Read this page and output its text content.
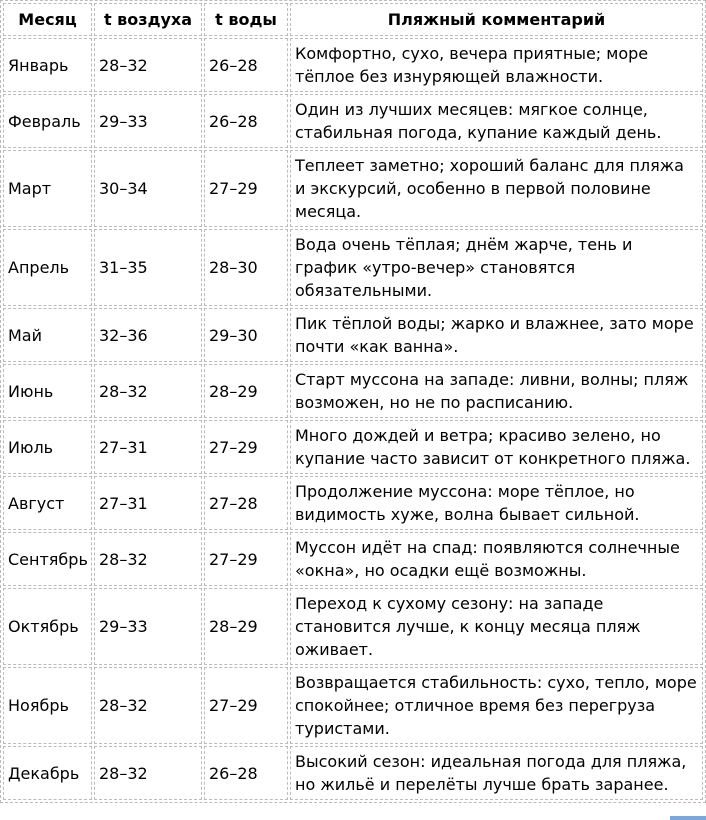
Месяц	t воздуха	t воды	Пляжный комментарий
Январь	28–32	26–28	Комфортно, сухо, вечера приятные; море тёплое без изнуряющей влажности.
Февраль	29–33	26–28	Один из лучших месяцев: мягкое солнце, стабильная погода, купание каждый день.
Март	30–34	27–29	Теплеет заметно; хороший баланс для пляжа и экскурсий, особенно в первой половине месяца.
Апрель	31–35	28–30	Вода очень тёплая; днём жарче, тень и график «утро-вечер» становятся обязательными.
Май	32–36	29–30	Пик тёплой воды; жарко и влажнее, зато море почти «как ванна».
Июнь	28–32	28–29	Старт муссона на западе: ливни, волны; пляж возможен, но не по расписанию.
Июль	27–31	27–29	Много дождей и ветра; красиво зелено, но купание часто зависит от конкретного пляжа.
Август	27–31	27–28	Продолжение муссона: море тёплое, но видимость хуже, волна бывает сильной.
Сентябрь	28–32	27–29	Муссон идёт на спад: появляются солнечные «окна», но осадки ещё возможны.
Октябрь	29–33	28–29	Переход к сухому сезону: на западе становится лучше, к концу месяца пляж оживает.
Ноябрь	28–32	27–29	Возвращается стабильность: сухо, тепло, море спокойнее; отличное время без перегруза туристами.
Декабрь	28–32	26–28	Высокий сезон: идеальная погода для пляжа, но жильё и перелёты лучше брать заранее.
